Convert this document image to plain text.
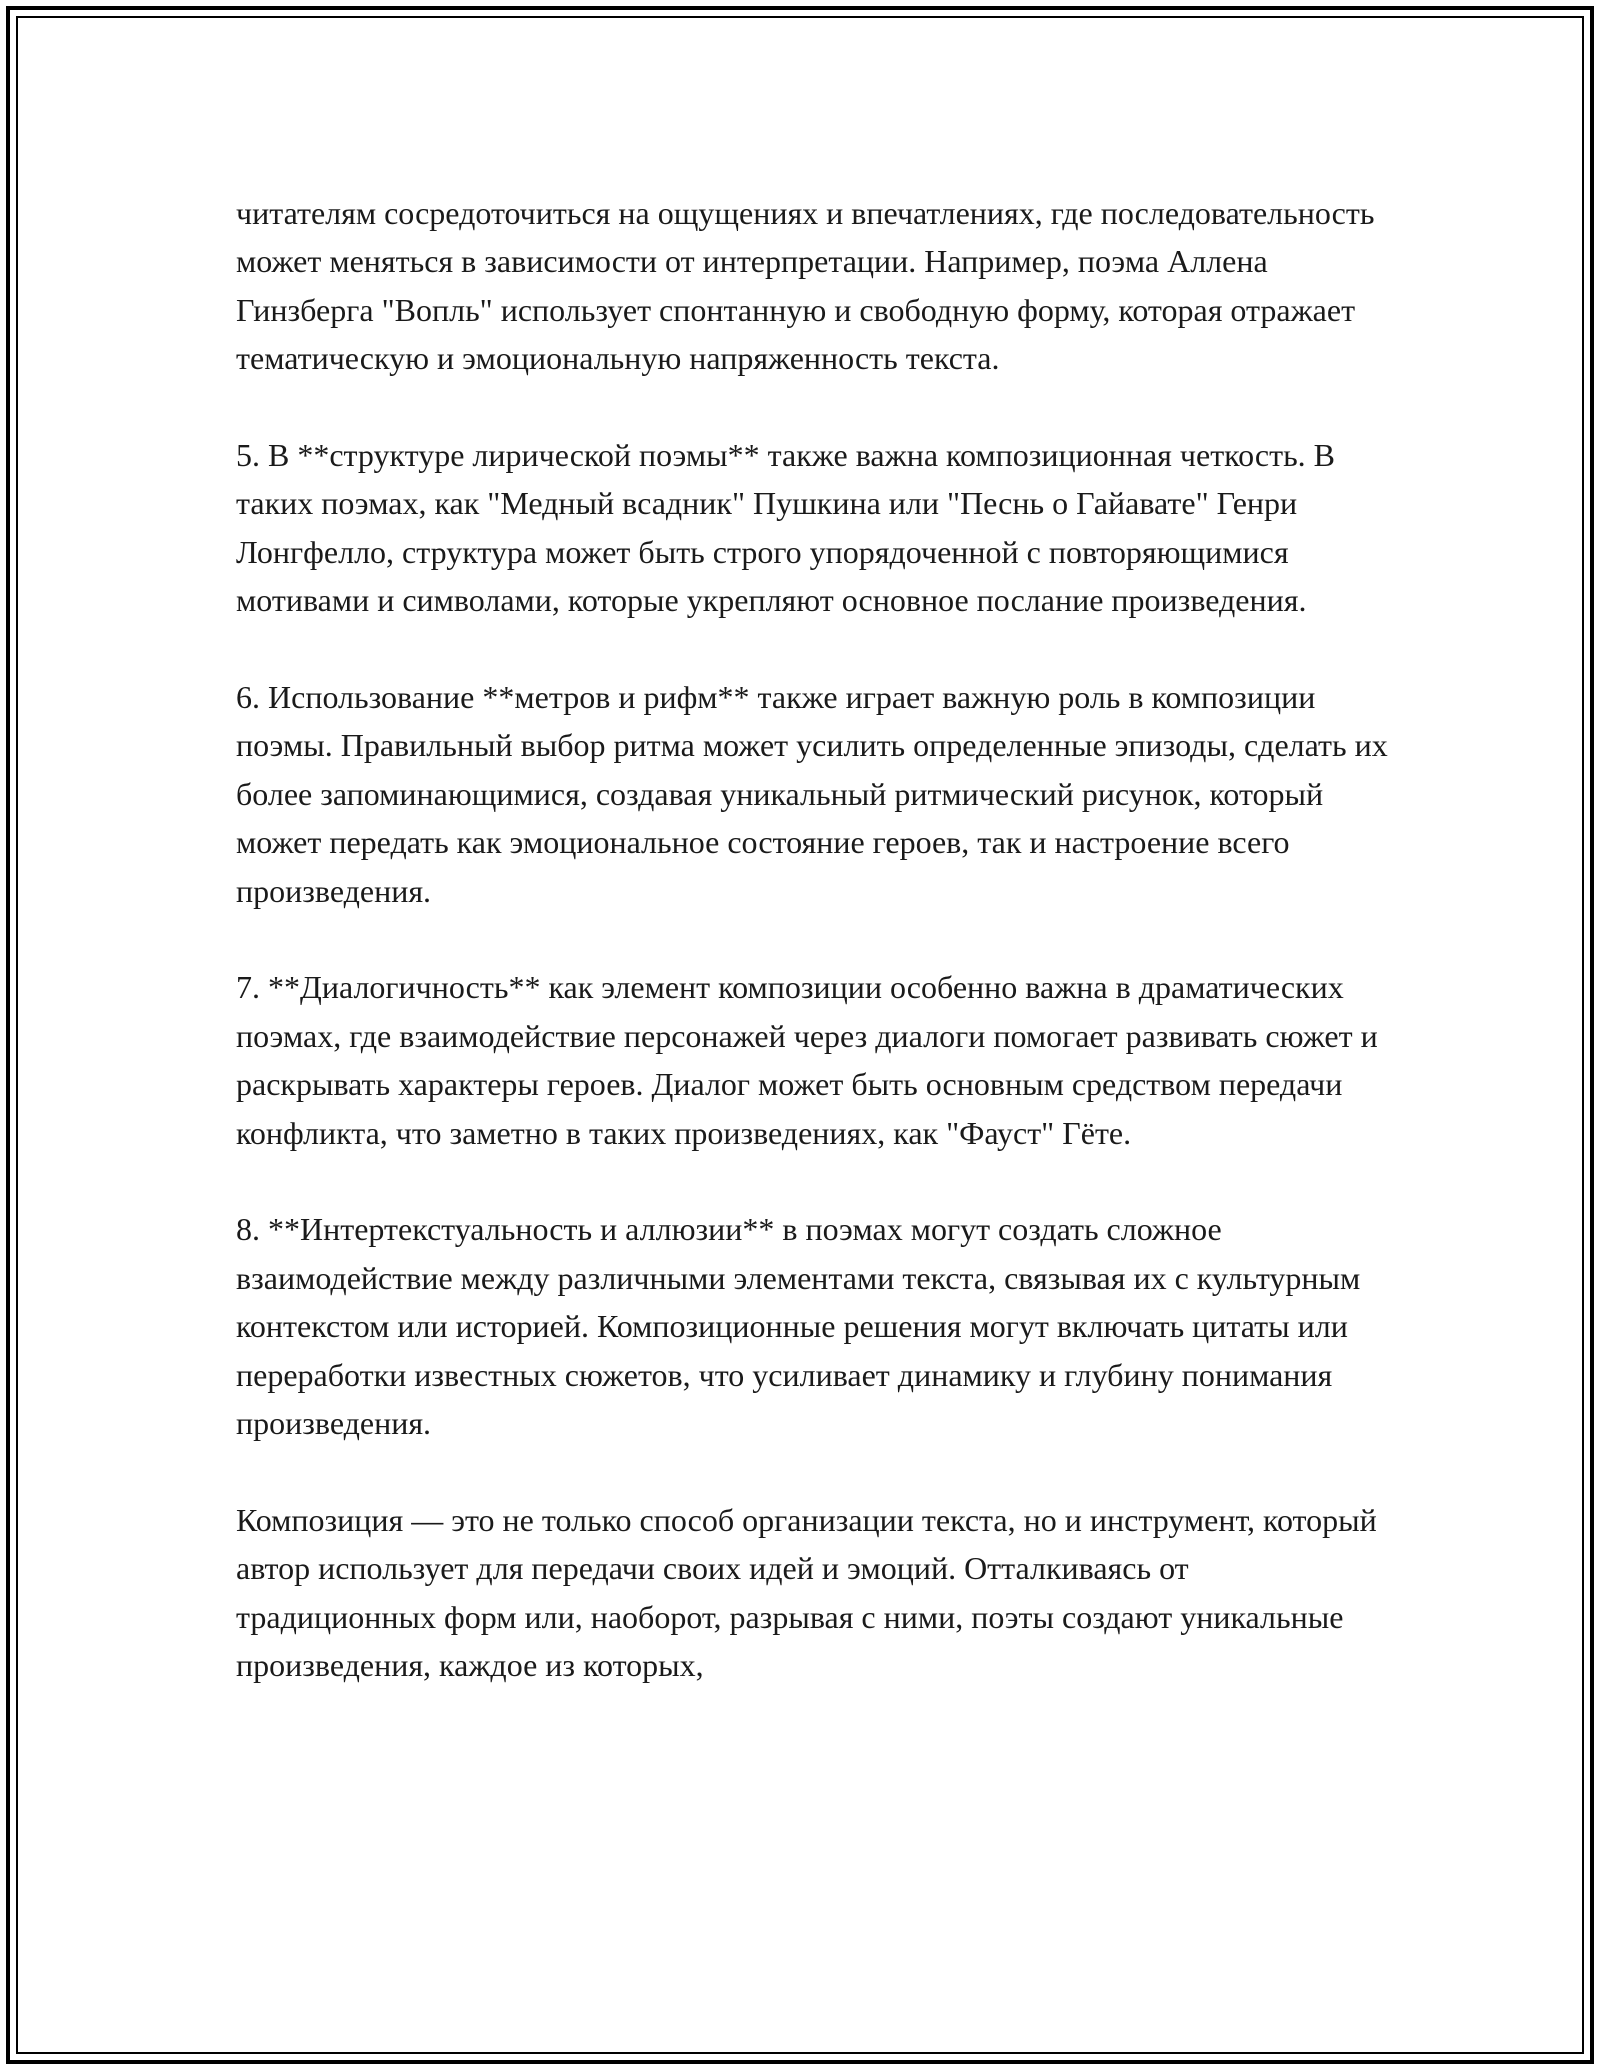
читателям сосредоточиться на ощущениях и впечатлениях, где последовательность может меняться в зависимости от интерпретации. Например, поэма Аллена Гинзберга "Вопль" использует спонтанную и свободную форму, которая отражает тематическую и эмоциональную напряженность текста.

5. В **структуре лирической поэмы** также важна композиционная четкость. В таких поэмах, как "Медный всадник" Пушкина или "Песнь о Гайавате" Генри Лонгфелло, структура может быть строго упорядоченной с повторяющимися мотивами и символами, которые укрепляют основное послание произведения.

6. Использование **метров и рифм** также играет важную роль в композиции поэмы. Правильный выбор ритма может усилить определенные эпизоды, сделать их более запоминающимися, создавая уникальный ритмический рисунок, который может передать как эмоциональное состояние героев, так и настроение всего произведения.

7. **Диалогичность** как элемент композиции особенно важна в драматических поэмах, где взаимодействие персонажей через диалоги помогает развивать сюжет и раскрывать характеры героев. Диалог может быть основным средством передачи конфликта, что заметно в таких произведениях, как "Фауст" Гёте.

8. **Интертекстуальность и аллюзии** в поэмах могут создать сложное взаимодействие между различными элементами текста, связывая их с культурным контекстом или историей. Композиционные решения могут включать цитаты или переработки известных сюжетов, что усиливает динамику и глубину понимания произведения.

Композиция — это не только способ организации текста, но и инструмент, который автор использует для передачи своих идей и эмоций. Отталкиваясь от традиционных форм или, наоборот, разрывая с ними, поэты создают уникальные произведения, каждое из которых,
